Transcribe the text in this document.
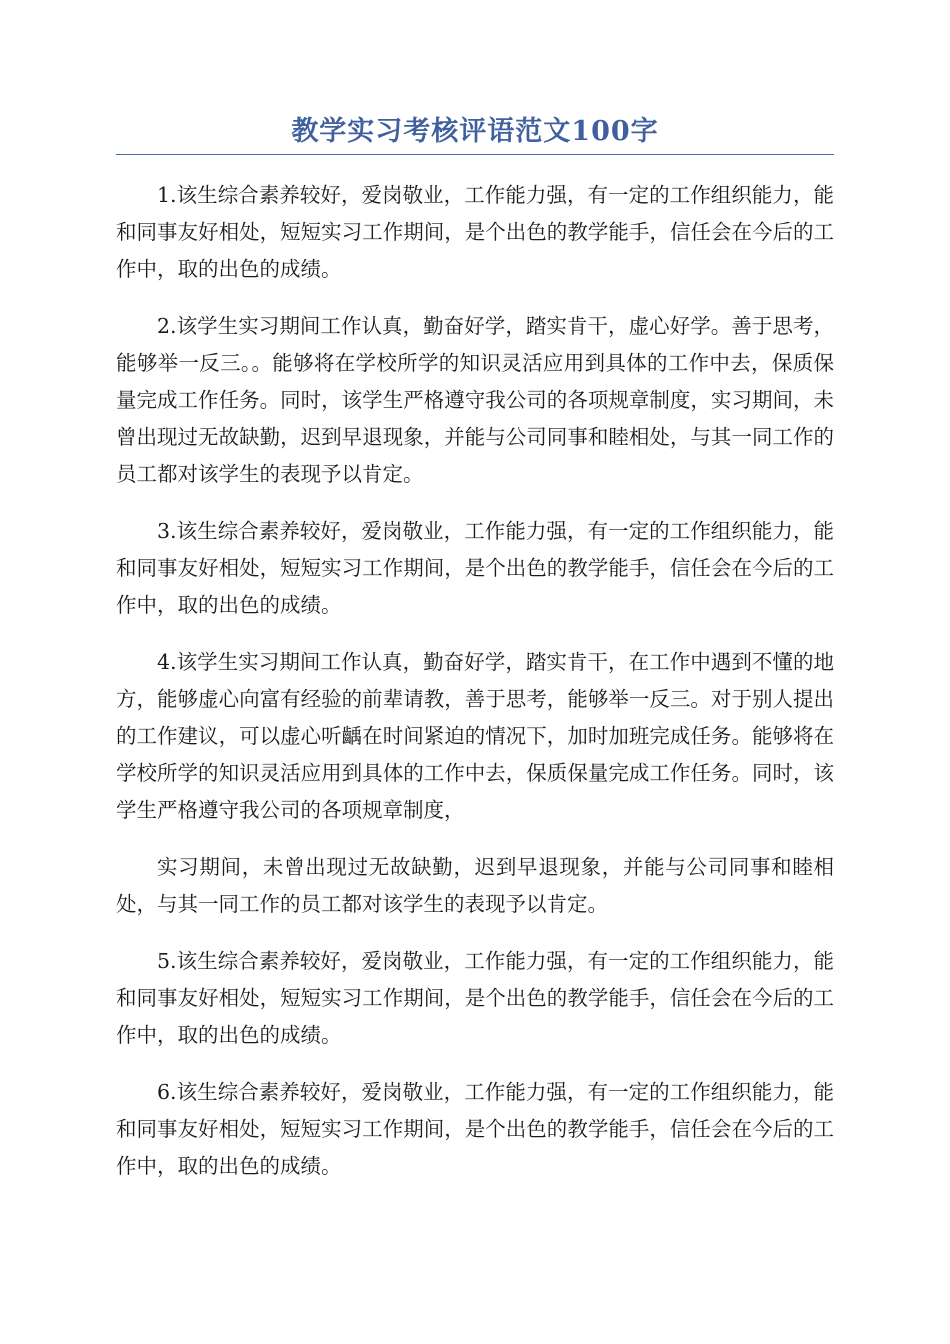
教学实习考核评语范文100字

1.该生综合素养较好，爱岗敬业，工作能力强，有一定的工作组织能力，能和同事友好相处，短短实习工作期间，是个出色的教学能手，信任会在今后的工作中，取的出色的成绩。

2.该学生实习期间工作认真，勤奋好学，踏实肯干，虚心好学。善于思考，能够举一反三。。能够将在学校所学的知识灵活应用到具体的工作中去，保质保量完成工作任务。同时，该学生严格遵守我公司的各项规章制度，实习期间，未曾出现过无故缺勤，迟到早退现象，并能与公司同事和睦相处，与其一同工作的员工都对该学生的表现予以肯定。

3.该生综合素养较好，爱岗敬业，工作能力强，有一定的工作组织能力，能和同事友好相处，短短实习工作期间，是个出色的教学能手，信任会在今后的工作中，取的出色的成绩。

4.该学生实习期间工作认真，勤奋好学，踏实肯干，在工作中遇到不懂的地方，能够虚心向富有经验的前辈请教，善于思考，能够举一反三。对于别人提出的工作建议，可以虚心听齲在时间紧迫的情况下，加时加班完成任务。能够将在学校所学的知识灵活应用到具体的工作中去，保质保量完成工作任务。同时，该学生严格遵守我公司的各项规章制度，

实习期间，未曾出现过无故缺勤，迟到早退现象，并能与公司同事和睦相处，与其一同工作的员工都对该学生的表现予以肯定。

5.该生综合素养较好，爱岗敬业，工作能力强，有一定的工作组织能力，能和同事友好相处，短短实习工作期间，是个出色的教学能手，信任会在今后的工作中，取的出色的成绩。

6.该生综合素养较好，爱岗敬业，工作能力强，有一定的工作组织能力，能和同事友好相处，短短实习工作期间，是个出色的教学能手，信任会在今后的工作中，取的出色的成绩。
